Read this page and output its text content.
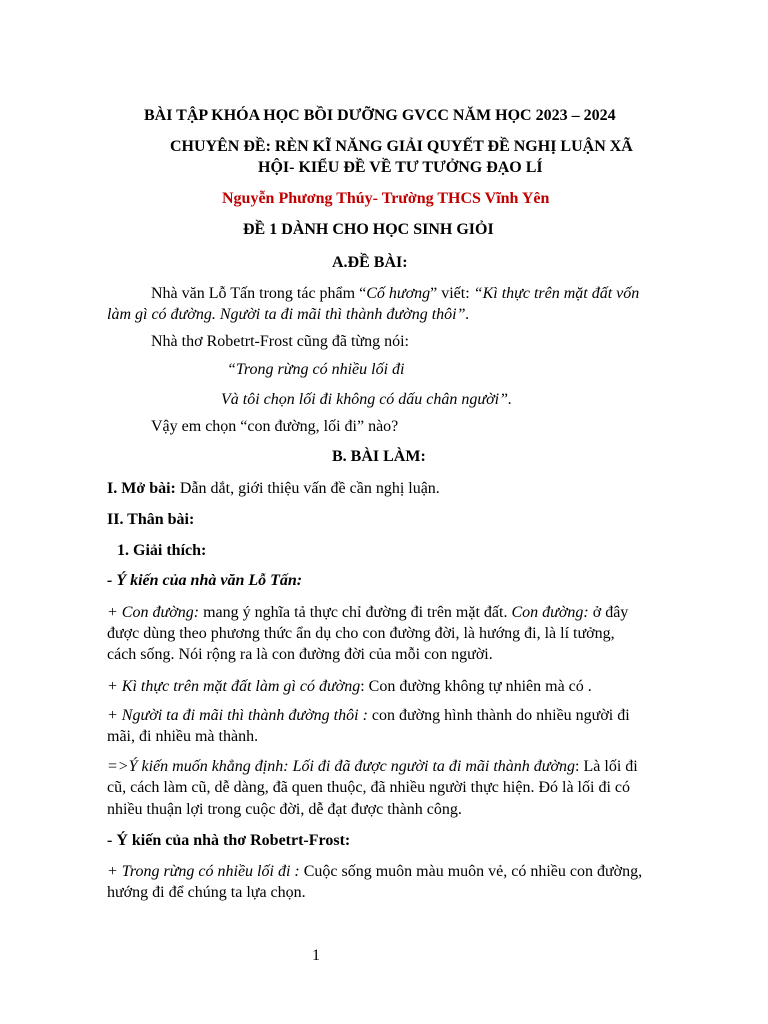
BÀI TẬP KHÓA HỌC BỒI DƯỠNG GVCC NĂM HỌC 2023 – 2024
CHUYÊN ĐỀ: RÈN KĨ NĂNG GIẢI QUYẾT ĐỀ NGHỊ LUẬN XÃ
HỘI- KIỂU ĐỀ VỀ TƯ TƯỞNG ĐẠO LÍ
Nguyễn Phương Thúy- Trường THCS Vĩnh Yên
ĐỀ 1 DÀNH CHO HỌC SINH GIỎI
A.ĐỀ BÀI:
Nhà văn Lỗ Tấn trong tác phẩm “Cố hương” viết: “Kì thực trên mặt đất vốn
làm gì có đường. Người ta đi mãi thì thành đường thôi”.
Nhà thơ Robetrt-Frost cũng đã từng nói:
“Trong rừng có nhiều lối đi
Và tôi chọn lối đi không có dấu chân người”.
Vậy em chọn “con đường, lối đi” nào?
B. BÀI LÀM:
I. Mở bài: Dẫn dắt, giới thiệu vấn đề cần nghị luận.
II. Thân bài:
1. Giải thích:
- Ý kiến của nhà văn Lỗ Tấn:
+ Con đường: mang ý nghĩa tả thực chỉ đường đi trên mặt đất. Con đường: ở đây
được dùng theo phương thức ẩn dụ cho con đường đời, là hướng đi, là lí tưởng,
cách sống. Nói rộng ra là con đường đời của mỗi con người.
+ Kì thực trên mặt đất làm gì có đường: Con đường không tự nhiên mà có .
+ Người ta đi mãi thì thành đường thôi : con đường hình thành do nhiều người đi
mãi, đi nhiều mà thành.
=>Ý kiến muốn khẳng định: Lối đi đã được người ta đi mãi thành đường: Là lối đi
cũ, cách làm cũ, dễ dàng, đã quen thuộc, đã nhiều người thực hiện. Đó là lối đi có
nhiều thuận lợi trong cuộc đời, dễ đạt được thành công.
- Ý kiến của nhà thơ Robetrt-Frost:
+ Trong rừng có nhiều lối đi : Cuộc sống muôn màu muôn vẻ, có nhiều con đường,
hướng đi để chúng ta lựa chọn.
1
